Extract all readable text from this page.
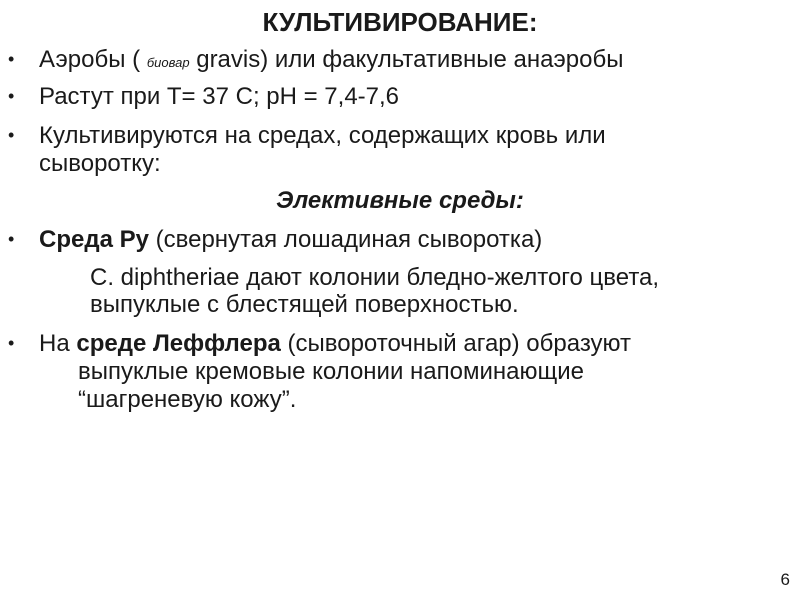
КУЛЬТИВИРОВАНИЕ:
• Аэробы ( биовар gravis) или факультативные анаэробы
• Растут при Т= 37 С; рН = 7,4-7,6
• Культивируются на средах, содержащих кровь или
сыворотку:
Элективные среды:
• Среда Ру (свернутая лошадиная сыворотка)
C. diphtheriae дают колонии бледно-желтого цвета,
выпуклые с блестящей поверхностью.
• На среде Леффлера (сывороточный агар) образуют
выпуклые кремовые колонии напоминающие
“шагреневую кожу”.
6
